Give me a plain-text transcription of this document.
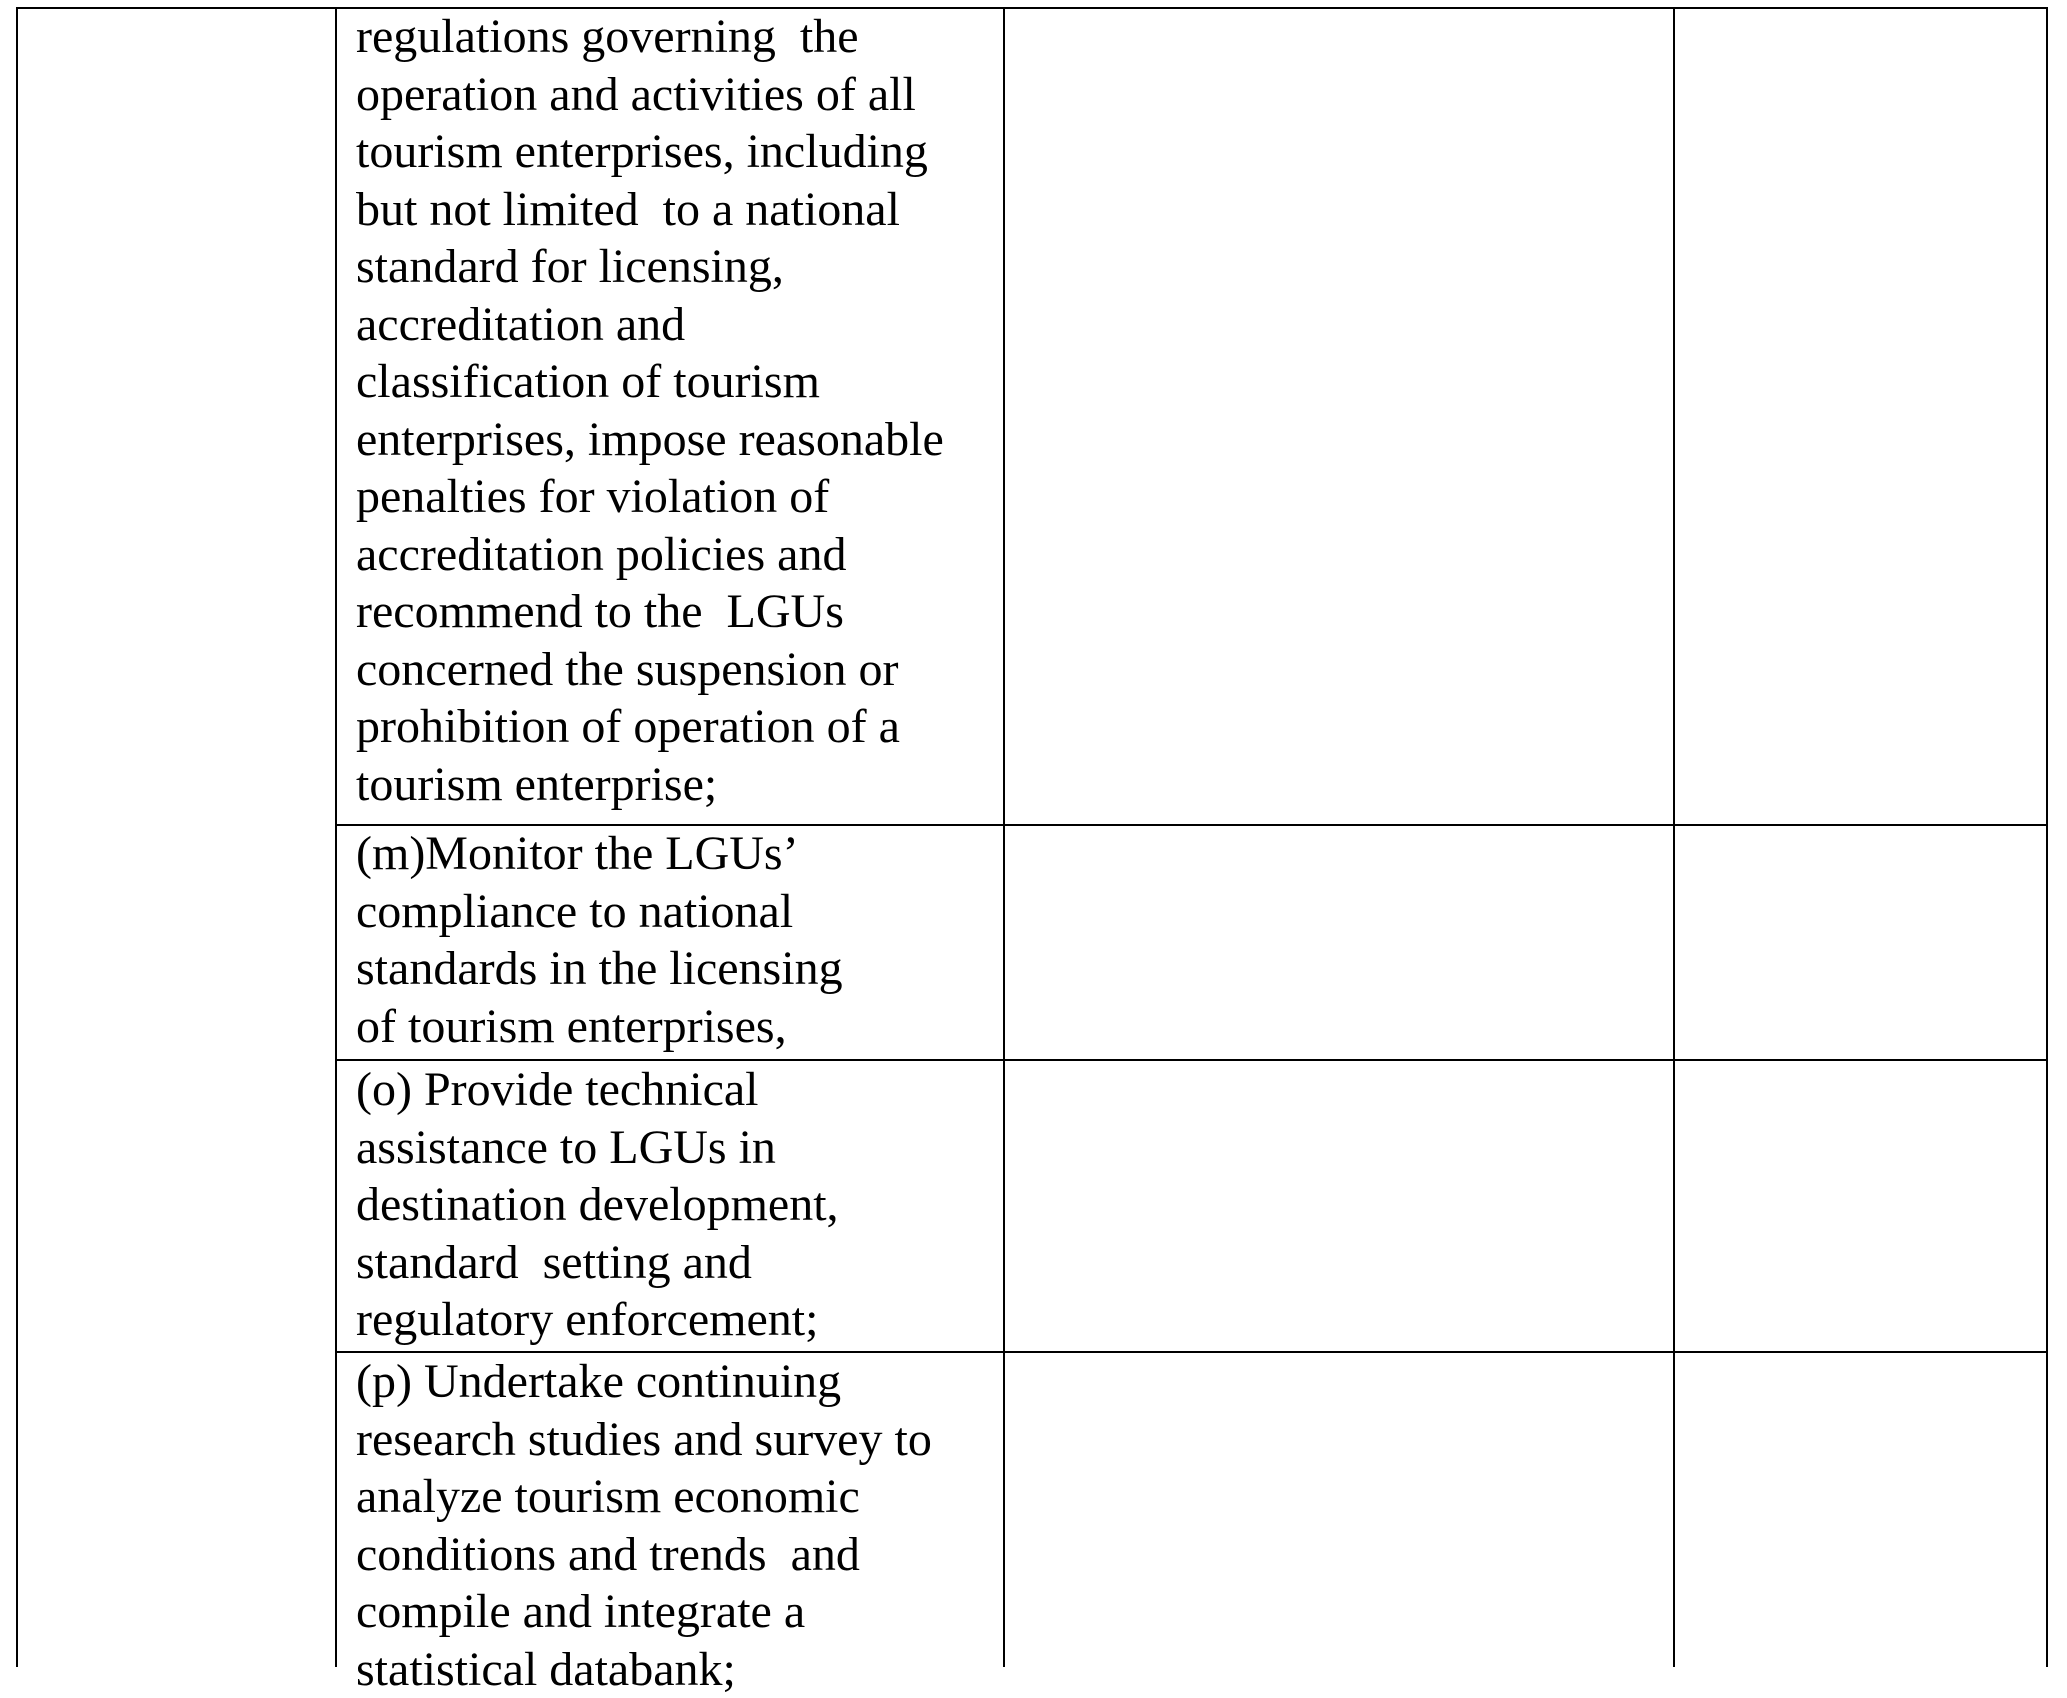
regulations governing  the
operation and activities of all
tourism enterprises, including
but not limited  to a national
standard for licensing,
accreditation and
classification of tourism
enterprises, impose reasonable
penalties for violation of
accreditation policies and
recommend to the  LGUs
concerned the suspension or
prohibition of operation of a
tourism enterprise;

(m)Monitor the LGUs’
compliance to national
standards in the licensing
of tourism enterprises,

(o) Provide technical
assistance to LGUs in
destination development,
standard  setting and
regulatory enforcement;

(p) Undertake continuing
research studies and survey to
analyze tourism economic
conditions and trends  and
compile and integrate a
statistical databank;
